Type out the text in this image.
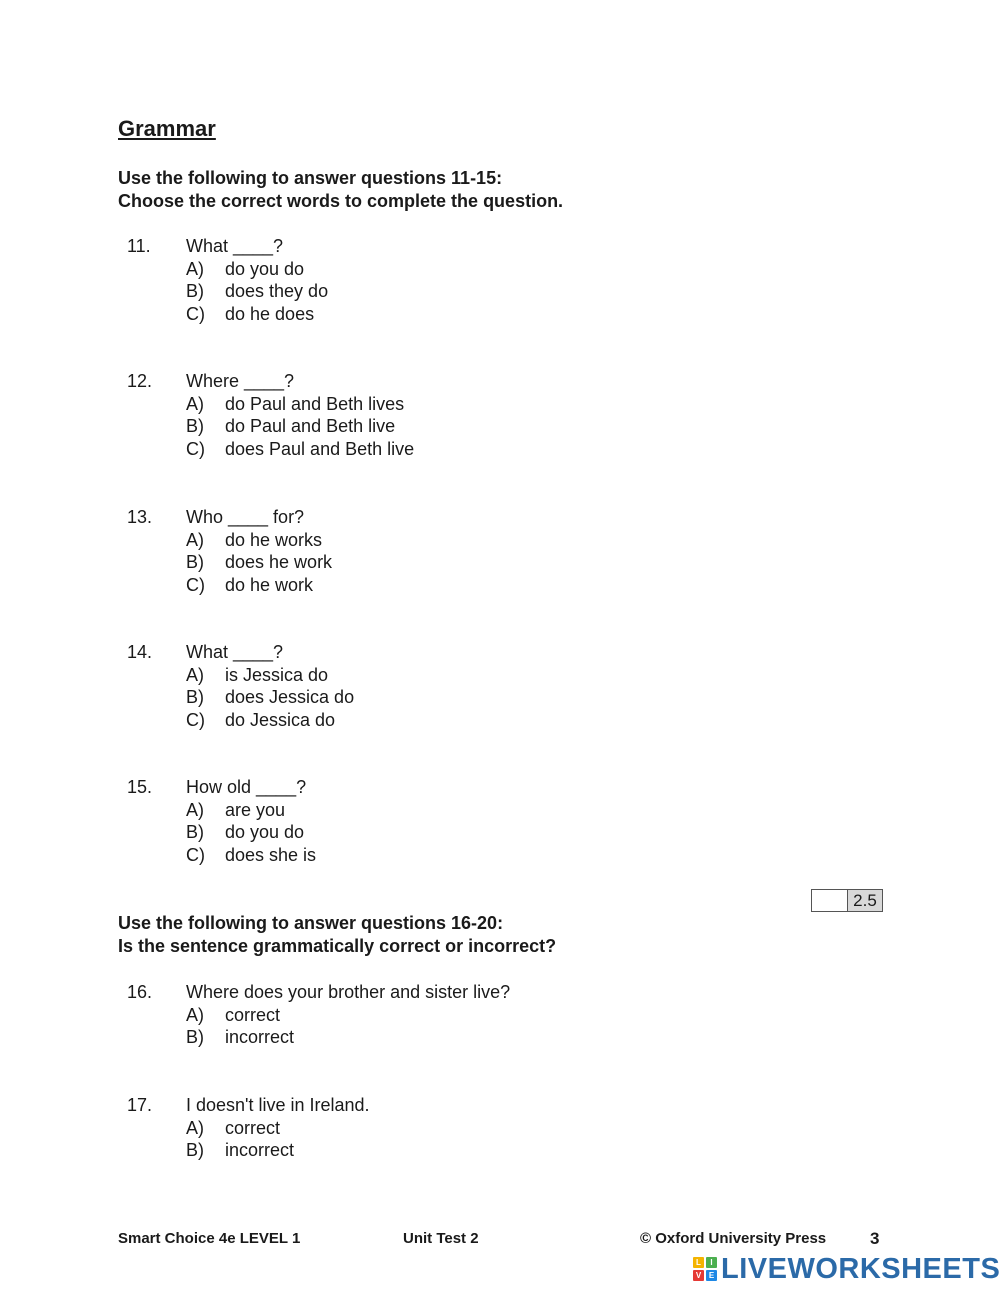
Grammar
Use the following to answer questions 11-15:
Choose the correct words to complete the question.
11. What ____?
A) do you do
B) does they do
C) do he does
12. Where ____?
A) do Paul and Beth lives
B) do Paul and Beth live
C) does Paul and Beth live
13. Who ____ for?
A) do he works
B) does he work
C) do he work
14. What ____?
A) is Jessica do
B) does Jessica do
C) do Jessica do
15. How old ____?
A) are you
B) do you do
C) does she is
2.5
Use the following to answer questions 16-20:
Is the sentence grammatically correct or incorrect?
16. Where does your brother and sister live?
A) correct
B) incorrect
17. I doesn't live in Ireland.
A) correct
B) incorrect
Smart Choice 4e LEVEL 1	Unit Test 2	© Oxford University Press	3
L	I
V E LIVEWORKSHEETS
